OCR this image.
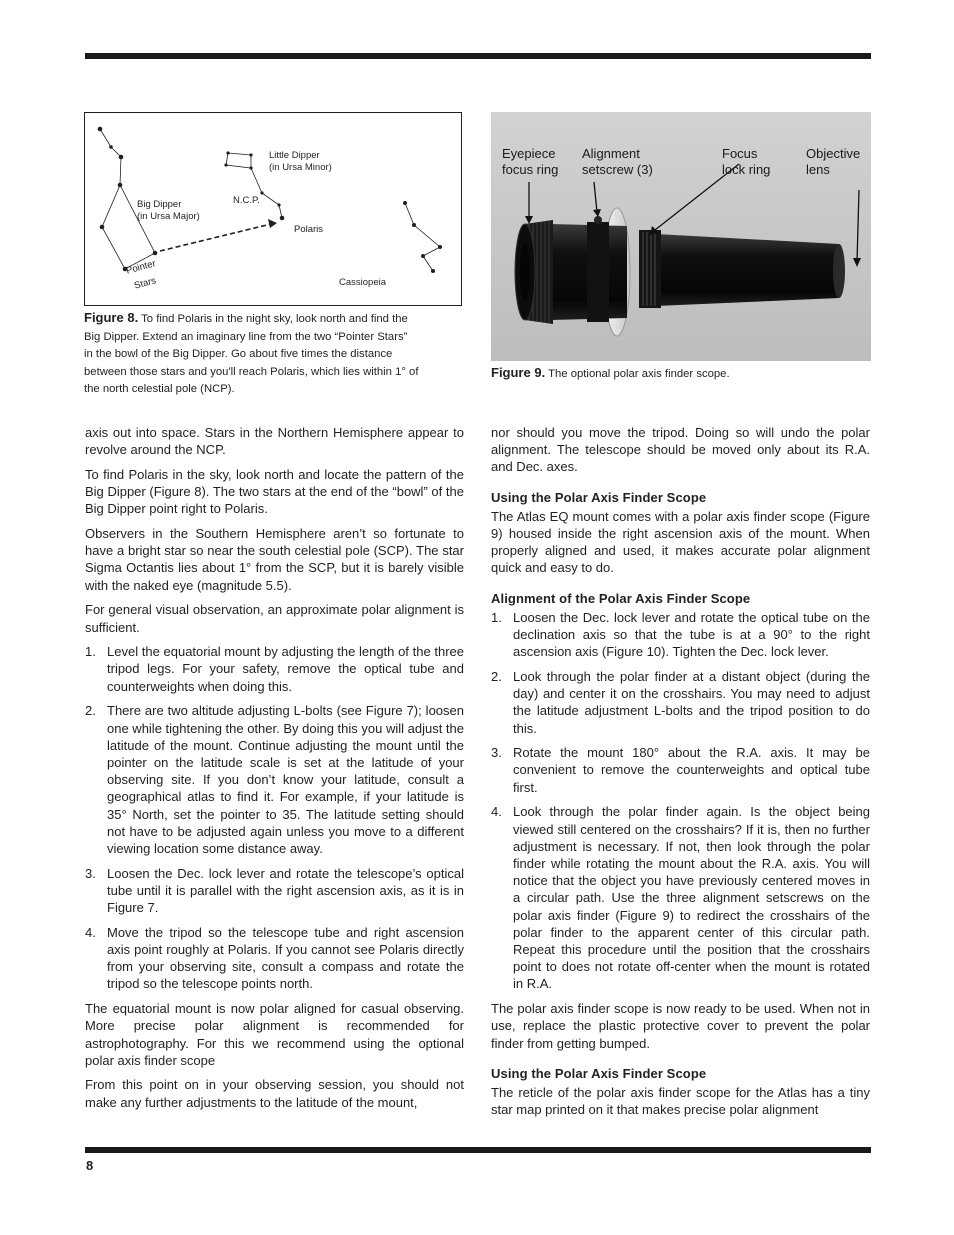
Little Dipper
(in Ursa Minor)
N.C.P.
Big Dipper
(in Ursa Major)
Polaris
Pointer
Stars	Cassiopeia
Figure 8. To find Polaris in the night sky, look north and find the
Big Dipper. Extend an imaginary line from the two “Pointer Stars”
in the bowl of the Big Dipper. Go about five times the distance
between those stars and you'll reach Polaris, which lies within 1° of
the north celestial pole (NCP).
Eyepiece
focus ring
Alignment
setscrew (3)
Focus
lock ring
Objective
lens
Figure 9. The optional polar axis finder scope.

axis out into space. Stars in the Northern Hemisphere appear to revolve around the NCP.

To find Polaris in the sky, look north and locate the pattern of the Big Dipper (Figure 8). The two stars at the end of the “bowl” of the Big Dipper point right to Polaris.

Observers in the Southern Hemisphere aren’t so fortunate to have a bright star so near the south celestial pole (SCP). The star Sigma Octantis lies about 1° from the SCP, but it is barely visible with the naked eye (magnitude 5.5).

For general visual observation, an approximate polar alignment is sufficient.

1. Level the equatorial mount by adjusting the length of the three tripod legs. For your safety, remove the optical tube and counterweights when doing this.
2. There are two altitude adjusting L-bolts (see Figure 7); loosen one while tightening the other. By doing this you will adjust the latitude of the mount. Continue adjusting the mount until the pointer on the latitude scale is set at the latitude of your observing site. If you don’t know your latitude, consult a geographical atlas to find it. For example, if your latitude is 35° North, set the pointer to 35. The latitude setting should not have to be adjusted again unless you move to a different viewing location some distance away.
3. Loosen the Dec. lock lever and rotate the telescope’s optical tube until it is parallel with the right ascension axis, as it is in Figure 7.
4. Move the tripod so the telescope tube and right ascension axis point roughly at Polaris. If you cannot see Polaris directly from your observing site, consult a compass and rotate the tripod so the telescope points north.

The equatorial mount is now polar aligned for casual observing. More precise polar alignment is recommended for astrophotography. For this we recommend using the optional polar axis finder scope

From this point on in your observing session, you should not make any further adjustments to the latitude of the mount,

nor should you move the tripod. Doing so will undo the polar alignment. The telescope should be moved only about its R.A. and Dec. axes.

Using the Polar Axis Finder Scope

The Atlas EQ mount comes with a polar axis finder scope (Figure 9) housed inside the right ascension axis of the mount. When properly aligned and used, it makes accurate polar alignment quick and easy to do.

Alignment of the Polar Axis Finder Scope
1. Loosen the Dec. lock lever and rotate the optical tube on the declination axis so that the tube is at a 90° to the right ascension axis (Figure 10). Tighten the Dec. lock lever.
2. Look through the polar finder at a distant object (during the day) and center it on the crosshairs. You may need to adjust the latitude adjustment L-bolts and the tripod position to do this.
3. Rotate the mount 180° about the R.A. axis. It may be convenient to remove the counterweights and optical tube first.
4. Look through the polar finder again. Is the object being viewed still centered on the crosshairs? If it is, then no further adjustment is necessary. If not, then look through the polar finder while rotating the mount about the R.A. axis. You will notice that the object you have previously centered moves in a circular path. Use the three alignment setscrews on the polar axis finder (Figure 9) to redirect the crosshairs of the polar finder to the apparent center of this circular path. Repeat this procedure until the position that the crosshairs point to does not rotate off-center when the mount is rotated in R.A.

The polar axis finder scope is now ready to be used. When not in use, replace the plastic protective cover to prevent the polar finder from getting bumped.

Using the Polar Axis Finder Scope

The reticle of the polar axis finder scope for the Atlas has a tiny star map printed on it that makes precise polar alignment

8
